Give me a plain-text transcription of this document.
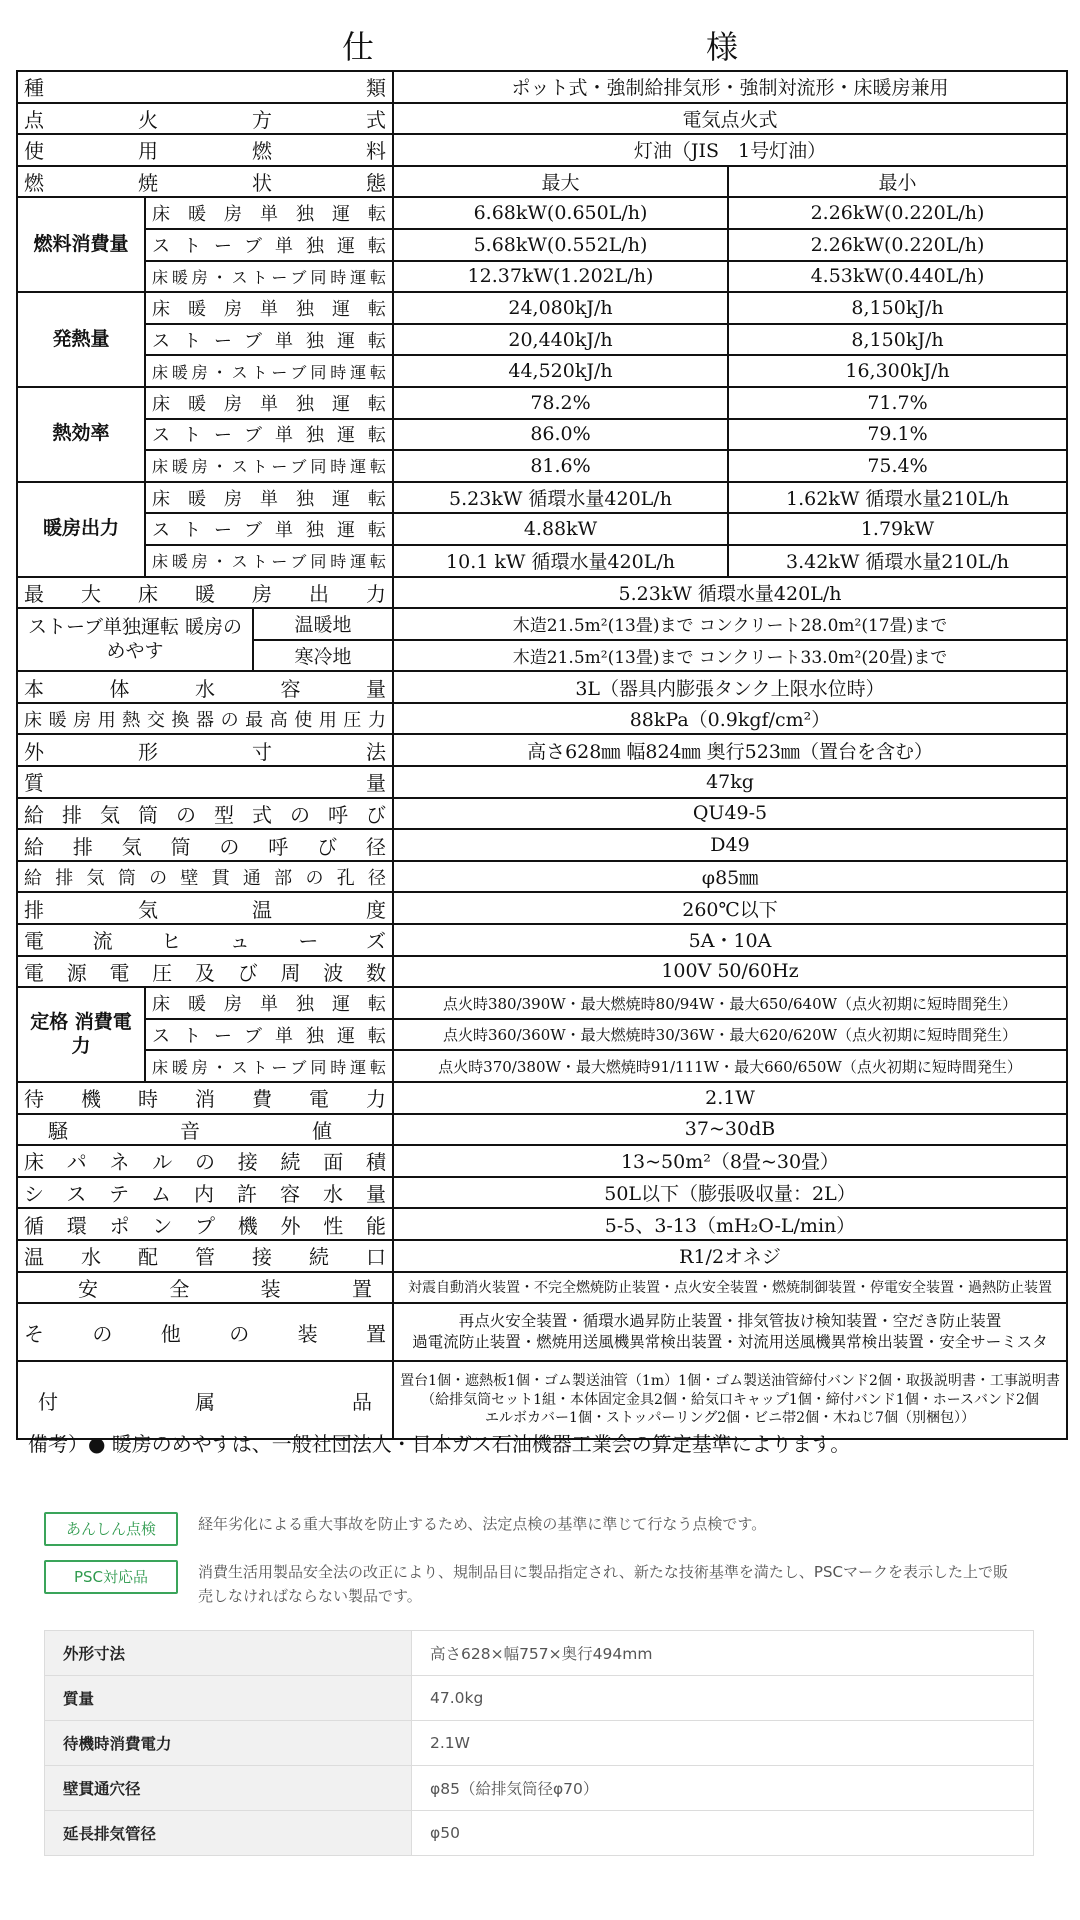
仕　様
種類			ポット式・強制給排気形・強制対流形・床暖房兼用	
点火方式			電気点火式	
使用燃料			灯油（JIS　1号灯油）	
燃焼状態			最大	最小
燃料消費量	床暖房単独運転		6.68kW(0.650L/h)	2.26kW(0.220L/h)
	ストーブ単独運転		5.68kW(0.552L/h)	2.26kW(0.220L/h)
	床暖房・ストーブ同時運転		12.37kW(1.202L/h)	4.53kW(0.440L/h)
発熱量	床暖房単独運転		24,080kJ/h	8,150kJ/h
	ストーブ単独運転		20,440kJ/h	8,150kJ/h
	床暖房・ストーブ同時運転		44,520kJ/h	16,300kJ/h
熱効率	床暖房単独運転		78.2%	71.7%
	ストーブ単独運転		86.0%	79.1%
	床暖房・ストーブ同時運転		81.6%	75.4%
暖房出力	床暖房単独運転		5.23kW 循環水量420L/h	1.62kW 循環水量210L/h
	ストーブ単独運転		4.88kW	1.79kW
	床暖房・ストーブ同時運転		10.1 kW 循環水量420L/h	3.42kW 循環水量210L/h
最大床暖房出力			5.23kW 循環水量420L/h	
ストーブ単独運転 暖房のめやす		温暖地	木造21.5m²(13畳)まで コンクリート28.0m²(17畳)まで	
		寒冷地	木造21.5m²(13畳)まで コンクリート33.0m²(20畳)まで	
本体水容量			3L（器具内膨張タンク上限水位時）	
床暖房用熱交換器の最高使用圧力			88kPa（0.9kgf/cm²）	
外形寸法			高さ628㎜ 幅824㎜ 奥行523㎜（置台を含む）	
質量			47kg	
給排気筒の型式の呼び			QU49-5	
給排気筒の呼び径			D49	
給排気筒の壁貫通部の孔径			φ85㎜	
排気温度			260℃以下	
電流ヒューズ			5A・10A	
電源電圧及び周波数			100V 50/60Hz	
定格 消費電力	床暖房単独運転		点火時380/390W・最大燃焼時80/94W・最大650/640W（点火初期に短時間発生）	
	ストーブ単独運転		点火時360/360W・最大燃焼時30/36W・最大620/620W（点火初期に短時間発生）	
	床暖房・ストーブ同時運転		点火時370/380W・最大燃焼時91/111W・最大660/650W（点火初期に短時間発生）	
待機時消費電力			2.1W	
騒音値			37~30dB	
床パネルの接続面積			13~50m²（8畳~30畳）	
システム内許容水量			50L以下（膨張吸収量：2L）	
循環ポンプ機外性能			5-5、3-13（mH₂O-L/min）	
温水配管接続口			R1/2オネジ	
安全装置			対震自動消火装置・不完全燃焼防止装置・点火安全装置・燃焼制御装置・停電安全装置・過熱防止装置	
その他の装置			再点火安全装置・循環水過昇防止装置・排気管抜け検知装置・空だき防止装置
過電流防止装置・燃焼用送風機異常検出装置・対流用送風機異常検出装置・安全サーミスタ	

付属品			置台1個・遮熱板1個・ゴム製送油管（1m）1個・ゴム製送油管締付バンド2個・取扱説明書・工事説明書
（給排気筒セット1組・本体固定金具2個・給気口キャップ1個・締付バンド1個・ホースバンド2個
エルボカバー1個・ストッパーリング2個・ビニ帯2個・木ねじ7個（別梱包））	
備考）● 暖房のめやすは、一般社団法人・日本ガス石油機器工業会の算定基準によります。
あんしん点検	経年劣化による重大事故を防止するため、法定点検の基準に準じて行なう点検です。
PSC対応品	消費生活用製品安全法の改正により、規制品目に製品指定され、新たな技術基準を満たし、PSCマークを表示した上で販売しなければならない製品です。
外形寸法	高さ628×幅757×奥行494mm
質量	47.0kg
待機時消費電力	2.1W
壁貫通穴径	φ85（給排気筒径φ70）
延長排気管径	φ50
